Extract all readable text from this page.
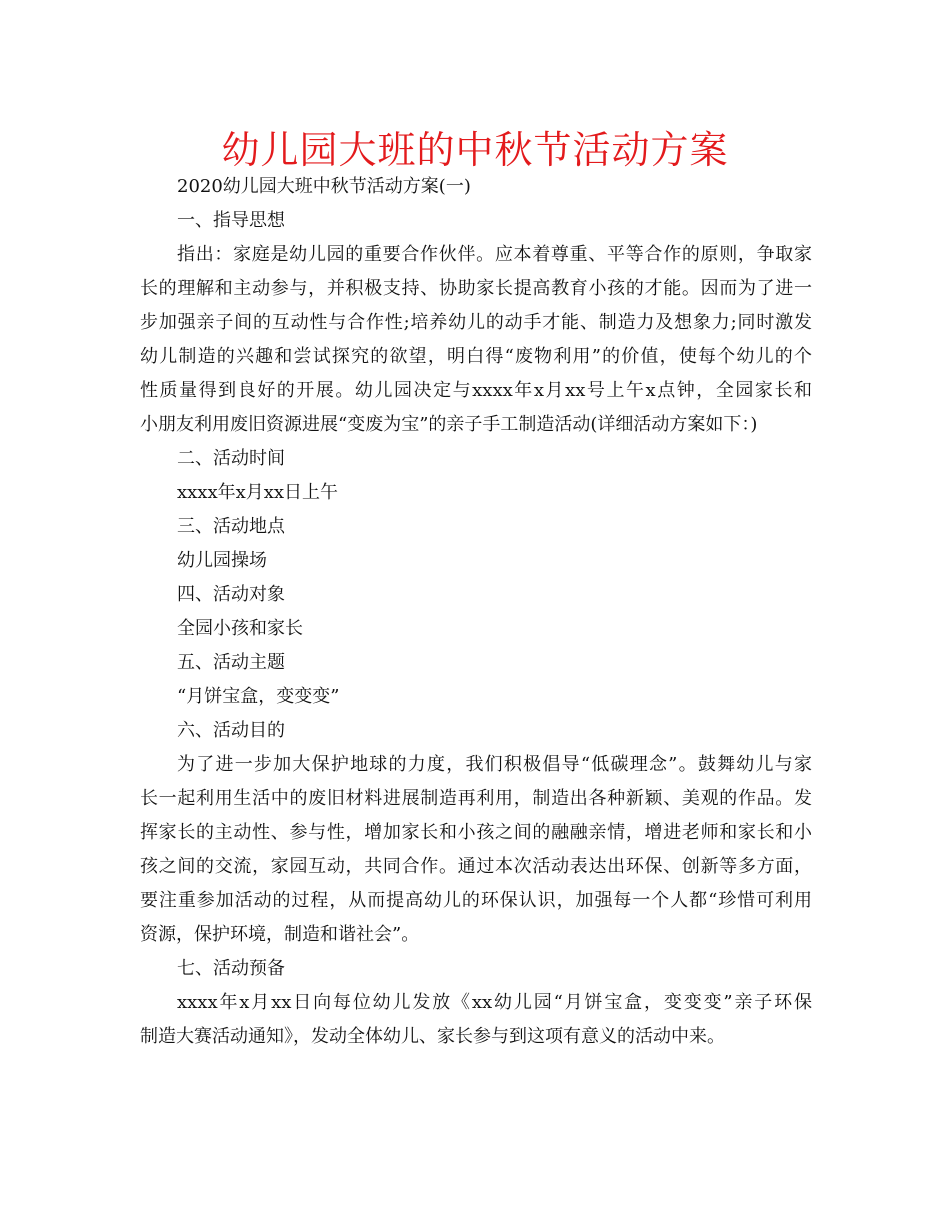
幼儿园大班的中秋节活动方案

2020幼儿园大班中秋节活动方案(一)

一、指导思想

指出：家庭是幼儿园的重要合作伙伴。应本着尊重、平等合作的原则，争取家

长的理解和主动参与，并积极支持、协助家长提高教育小孩的才能。因而为了进一

步加强亲子间的互动性与合作性;培养幼儿的动手才能、制造力及想象力;同时激发

幼儿制造的兴趣和尝试探究的欲望，明白得“废物利用”的价值，使每个幼儿的个

性质量得到良好的开展。幼儿园决定与xxxx年x月xx号上午x点钟，全园家长和

小朋友利用废旧资源进展“变废为宝”的亲子手工制造活动(详细活动方案如下：)

二、活动时间

xxxx年x月xx日上午

三、活动地点

幼儿园操场

四、活动对象

全园小孩和家长

五、活动主题

“月饼宝盒，变变变”

六、活动目的

为了进一步加大保护地球的力度，我们积极倡导“低碳理念”。鼓舞幼儿与家

长一起利用生活中的废旧材料进展制造再利用，制造出各种新颖、美观的作品。发

挥家长的主动性、参与性，增加家长和小孩之间的融融亲情，增进老师和家长和小

孩之间的交流，家园互动，共同合作。通过本次活动表达出环保、创新等多方面，

要注重参加活动的过程，从而提高幼儿的环保认识，加强每一个人都“珍惜可利用

资源，保护环境，制造和谐社会”。

七、活动预备

xxxx年x月xx日向每位幼儿发放《xx幼儿园“月饼宝盒，变变变”亲子环保

制造大赛活动通知》，发动全体幼儿、家长参与到这项有意义的活动中来。
